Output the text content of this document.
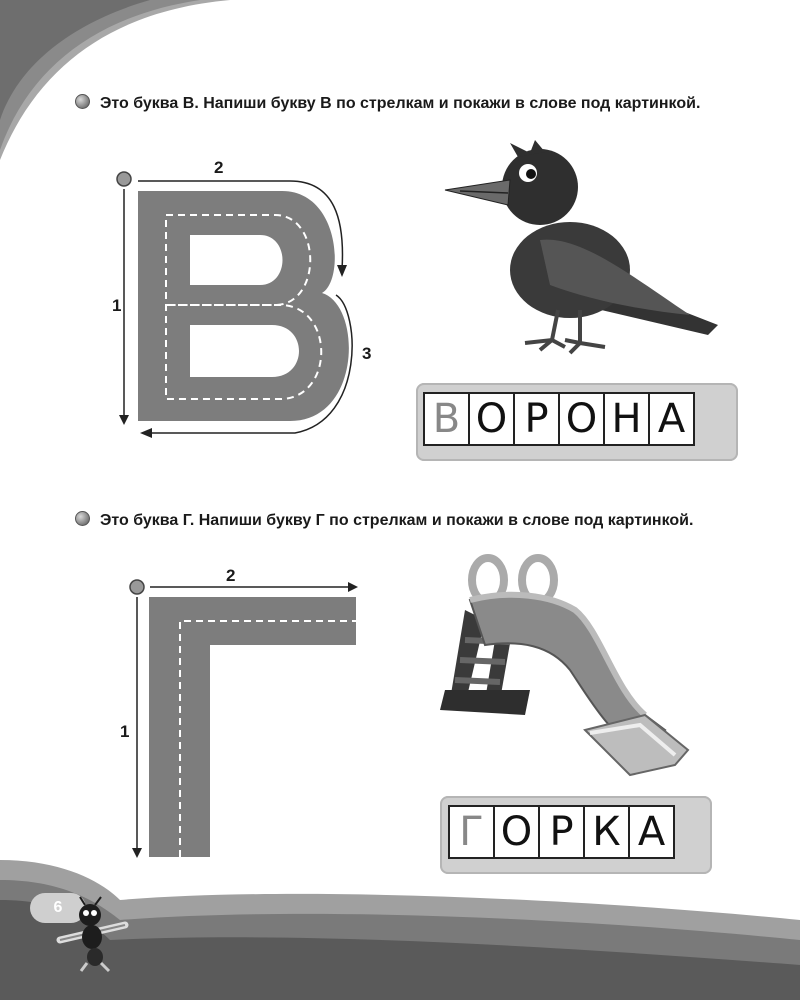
Это буква В. Напиши букву В по стрелкам и покажи в слове под картинкой.
1
2
3
В О Р О Н А
Это буква Г. Напиши букву Г по стрелкам и покажи в слове под картинкой.
1
2
Г О Р К А
6
